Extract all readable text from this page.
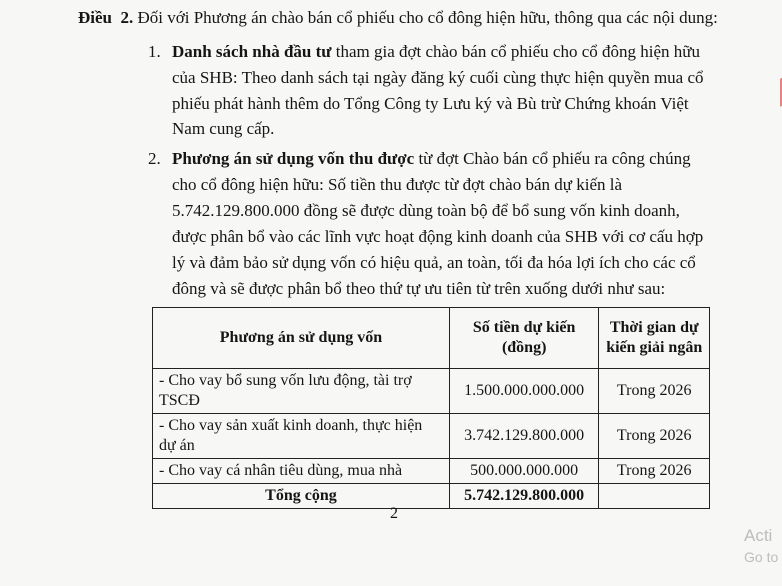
Điều 2. Đối với Phương án chào bán cổ phiếu cho cổ đông hiện hữu, thông qua các nội dung:
1. Danh sách nhà đầu tư tham gia đợt chào bán cổ phiếu cho cổ đông hiện hữu
của SHB: Theo danh sách tại ngày đăng ký cuối cùng thực hiện quyền mua cổ
phiếu phát hành thêm do Tổng Công ty Lưu ký và Bù trừ Chứng khoán Việt
Nam cung cấp.
2. Phương án sử dụng vốn thu được từ đợt Chào bán cổ phiếu ra công chúng
cho cổ đông hiện hữu: Số tiền thu được từ đợt chào bán dự kiến là
5.742.129.800.000 đồng sẽ được dùng toàn bộ để bổ sung vốn kinh doanh,
được phân bổ vào các lĩnh vực hoạt động kinh doanh của SHB với cơ cấu hợp
lý và đảm bảo sử dụng vốn có hiệu quả, an toàn, tối đa hóa lợi ích cho các cổ
đông và sẽ được phân bổ theo thứ tự ưu tiên từ trên xuống dưới như sau:
Phương án sử dụng vốn	Số tiền dự kiến (đồng)	Thời gian dự kiến giải ngân
- Cho vay bổ sung vốn lưu động, tài trợ TSCĐ	1.500.000.000.000	Trong 2026
- Cho vay sản xuất kinh doanh, thực hiện dự án	3.742.129.800.000	Trong 2026
- Cho vay cá nhân tiêu dùng, mua nhà	500.000.000.000	Trong 2026
Tổng cộng	5.742.129.800.000	
2
Acti
Go to
